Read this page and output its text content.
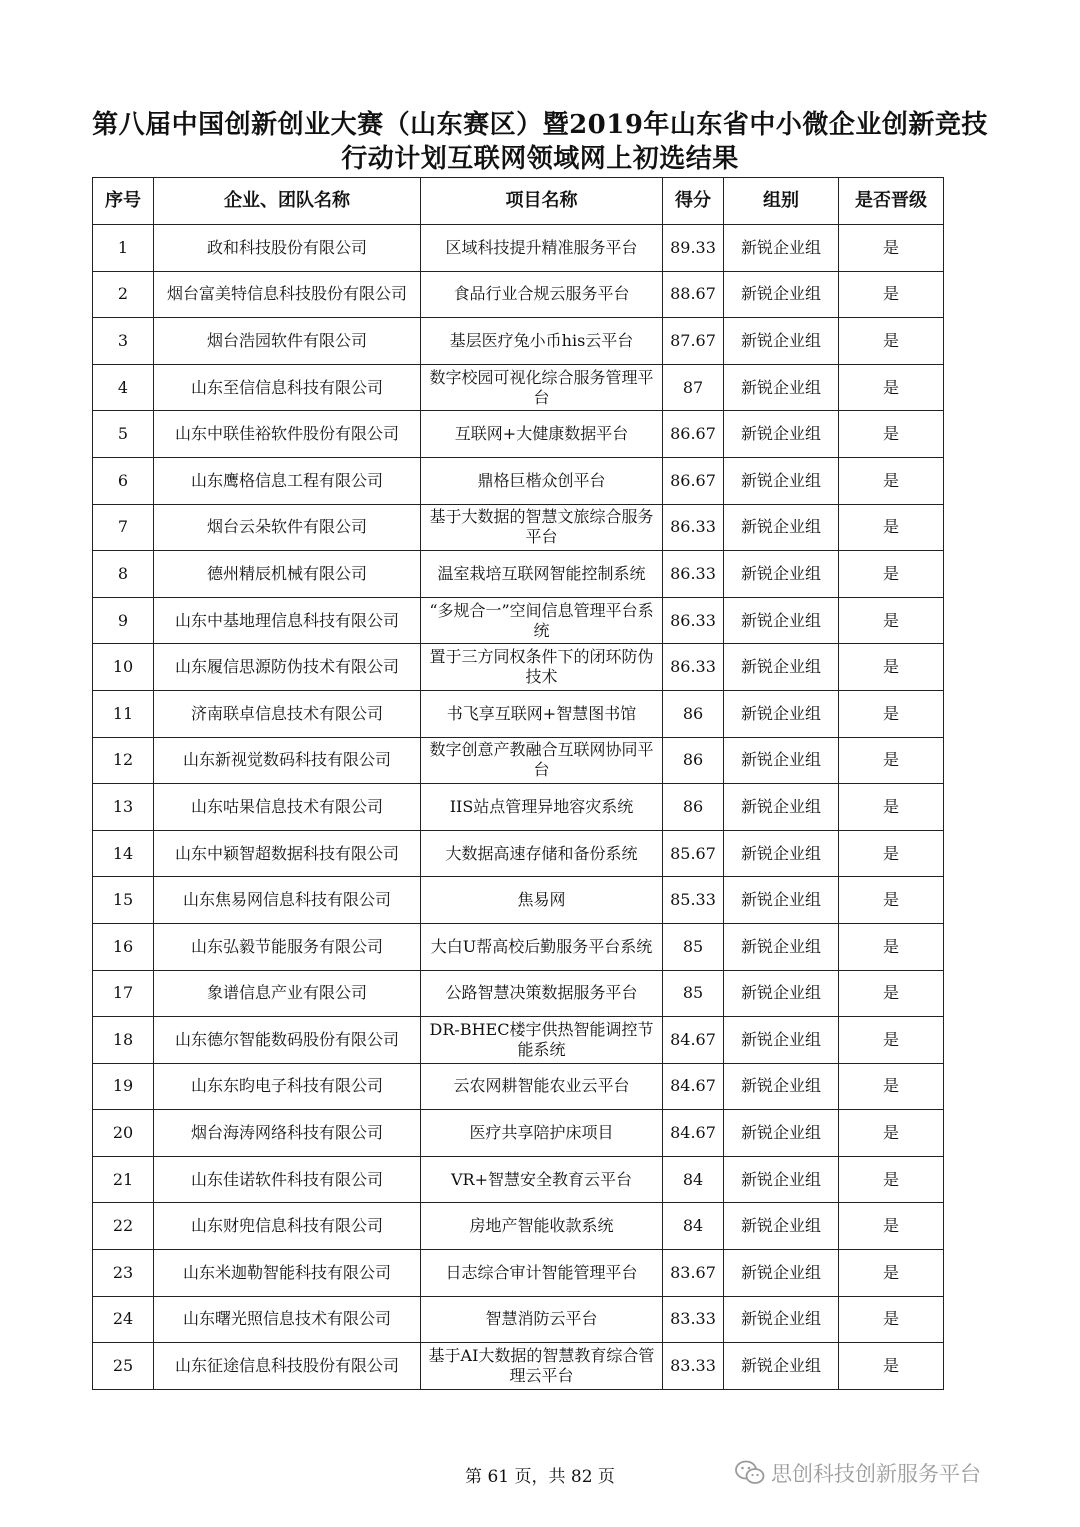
第八届中国创新创业大赛（山东赛区）暨2019年山东省中小微企业创新竞技
行动计划互联网领域网上初选结果
序号	企业、团队名称	项目名称	得分	组别	是否晋级
1	政和科技股份有限公司	区域科技提升精准服务平台	89.33	新锐企业组	是
2	烟台富美特信息科技股份有限公司	食品行业合规云服务平台	88.67	新锐企业组	是
3	烟台浩园软件有限公司	基层医疗兔小币his云平台	87.67	新锐企业组	是
4	山东至信信息科技有限公司	数字校园可视化综合服务管理平台	87	新锐企业组	是
5	山东中联佳裕软件股份有限公司	互联网+大健康数据平台	86.67	新锐企业组	是
6	山东鹰格信息工程有限公司	鼎格巨楷众创平台	86.67	新锐企业组	是
7	烟台云朵软件有限公司	基于大数据的智慧文旅综合服务平台	86.33	新锐企业组	是
8	德州精辰机械有限公司	温室栽培互联网智能控制系统	86.33	新锐企业组	是
9	山东中基地理信息科技有限公司	“多规合一”空间信息管理平台系统	86.33	新锐企业组	是
10	山东履信思源防伪技术有限公司	置于三方同权条件下的闭环防伪技术	86.33	新锐企业组	是
11	济南联卓信息技术有限公司	书飞享互联网+智慧图书馆	86	新锐企业组	是
12	山东新视觉数码科技有限公司	数字创意产教融合互联网协同平台	86	新锐企业组	是
13	山东咕果信息技术有限公司	IIS站点管理异地容灾系统	86	新锐企业组	是
14	山东中颖智超数据科技有限公司	大数据高速存储和备份系统	85.67	新锐企业组	是
15	山东焦易网信息科技有限公司	焦易网	85.33	新锐企业组	是
16	山东弘毅节能服务有限公司	大白U帮高校后勤服务平台系统	85	新锐企业组	是
17	象谱信息产业有限公司	公路智慧决策数据服务平台	85	新锐企业组	是
18	山东德尔智能数码股份有限公司	DR-BHEC楼宇供热智能调控节能系统	84.67	新锐企业组	是
19	山东东昀电子科技有限公司	云农网耕智能农业云平台	84.67	新锐企业组	是
20	烟台海涛网络科技有限公司	医疗共享陪护床项目	84.67	新锐企业组	是
21	山东佳诺软件科技有限公司	VR+智慧安全教育云平台	84	新锐企业组	是
22	山东财兜信息科技有限公司	房地产智能收款系统	84	新锐企业组	是
23	山东米迦勒智能科技有限公司	日志综合审计智能管理平台	83.67	新锐企业组	是
24	山东曙光照信息技术有限公司	智慧消防云平台	83.33	新锐企业组	是
25	山东征途信息科技股份有限公司	基于AI大数据的智慧教育综合管理云平台	83.33	新锐企业组	是
第 61 页，共 82 页	思创科技创新服务平台
